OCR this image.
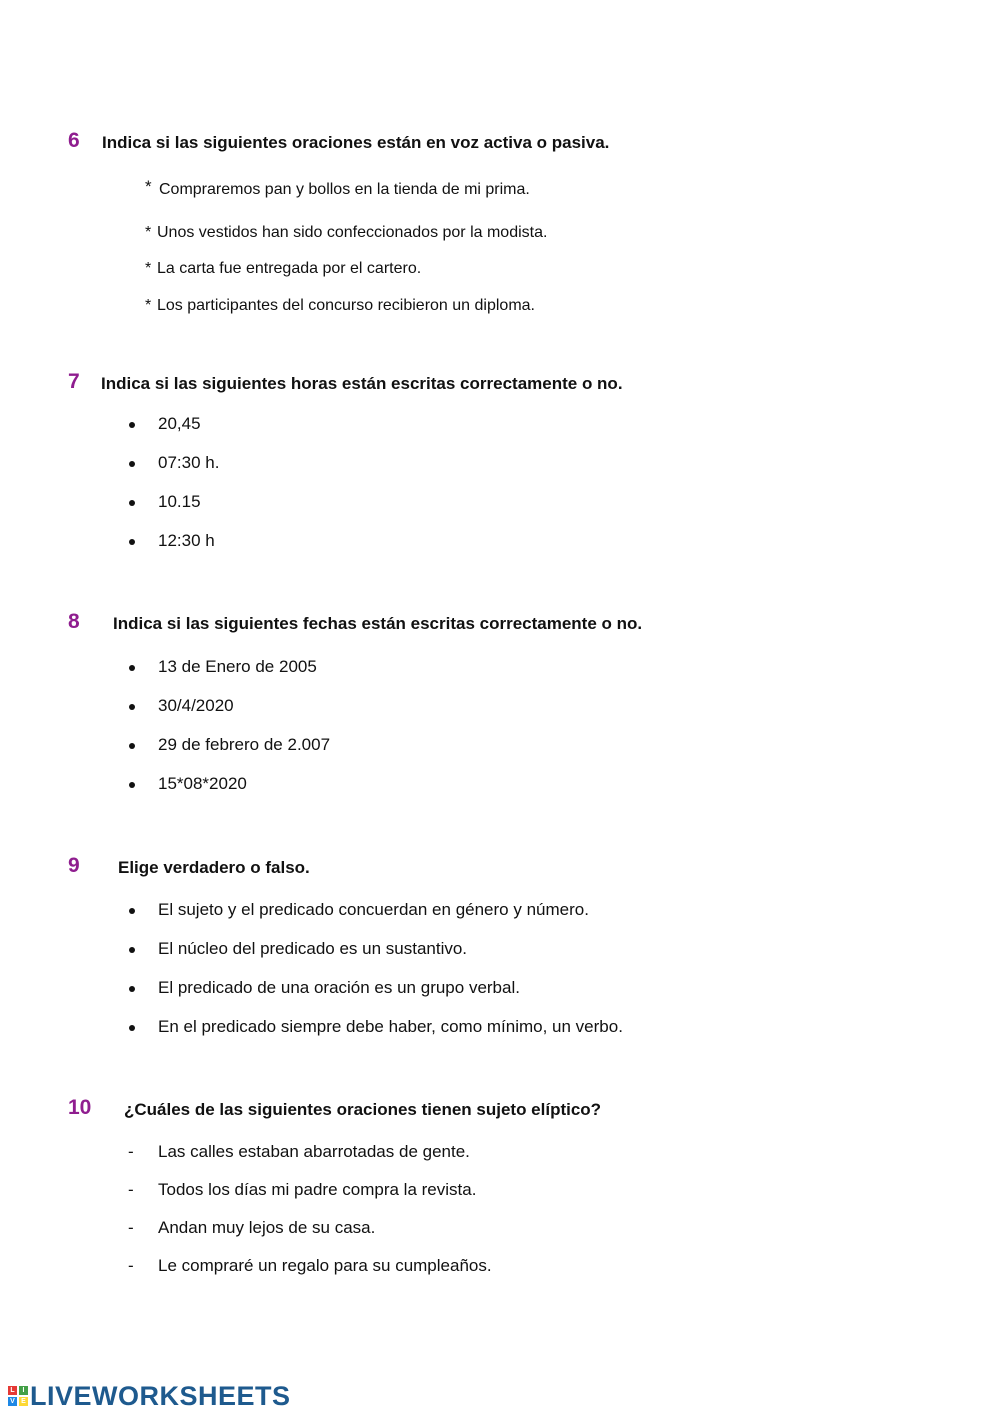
6 Indica si las siguientes oraciones están en voz activa o pasiva.
* Compraremos pan y bollos en la tienda de mi prima.
* Unos vestidos han sido confeccionados por la modista.
* La carta fue entregada por el cartero.
* Los participantes del concurso recibieron un diploma.
7 Indica si las siguientes horas están escritas correctamente o no.
20,45
07:30 h.
10.15
12:30 h
8 Indica si las siguientes fechas están escritas correctamente o no.
13 de Enero de 2005
30/4/2020
29 de febrero de 2.007
15*08*2020
9 Elige verdadero o falso.
El sujeto y el predicado concuerdan en género y número.
El núcleo del predicado es un sustantivo.
El predicado de una oración es un grupo verbal.
En el predicado siempre debe haber, como mínimo, un verbo.
10 ¿Cuáles de las siguientes oraciones tienen sujeto elíptico?
- Las calles estaban abarrotadas de gente.
- Todos los días mi padre compra la revista.
- Andan muy lejos de su casa.
- Le compraré un regalo para su cumpleaños.
L	I
V E LIVEWORKSHEETS
